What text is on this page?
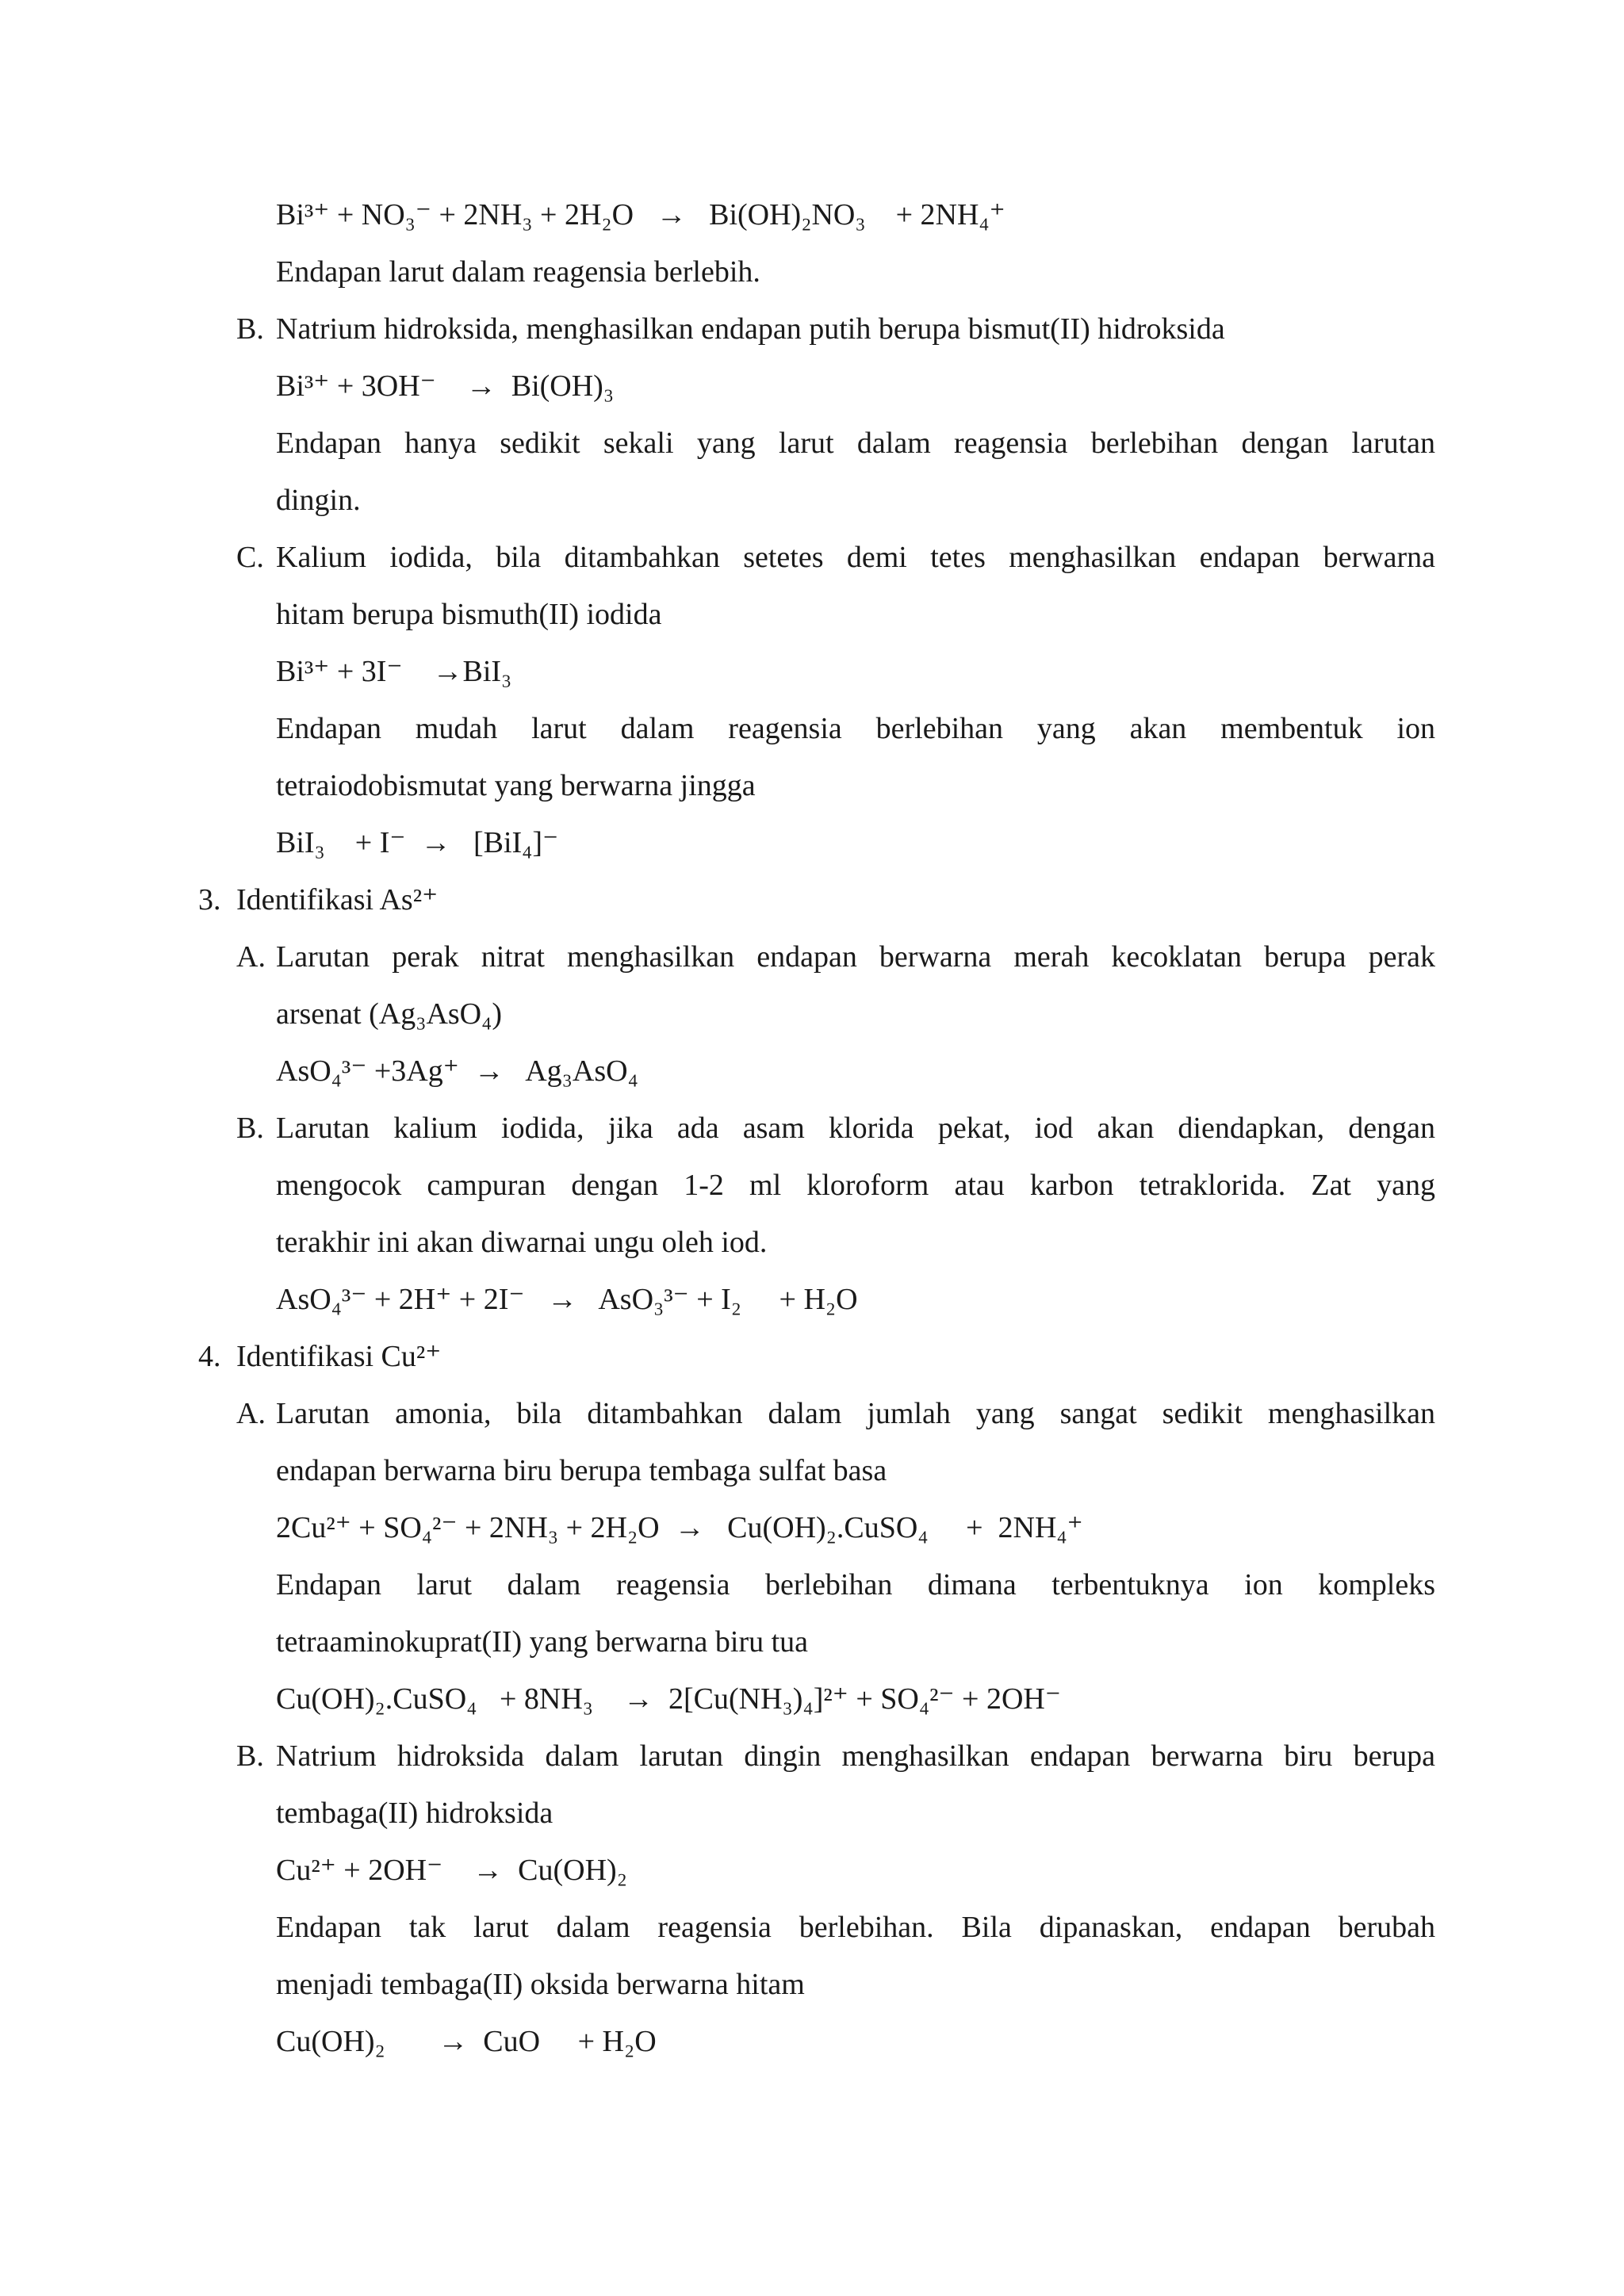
Bi³⁺ + NO₃⁻ + 2NH₃ + 2H₂O   →   Bi(OH)₂NO₃    + 2NH₄⁺
Endapan larut dalam reagensia berlebih.
B. Natrium hidroksida, menghasilkan endapan putih berupa bismut(II) hidroksida
Bi³⁺ + 3OH⁻    →  Bi(OH)₃
Endapan hanya sedikit sekali yang larut dalam reagensia berlebihan dengan larutan
dingin.
C. Kalium iodida, bila ditambahkan setetes demi tetes menghasilkan endapan berwarna
hitam berupa bismuth(II) iodida
Bi³⁺ + 3I⁻    →BiI₃
Endapan mudah larut dalam reagensia berlebihan yang akan membentuk ion
tetraiodobismutat yang berwarna jingga
BiI₃    + I⁻  →   [BiI₄]⁻
3. Identifikasi As²⁺
A. Larutan perak nitrat menghasilkan endapan berwarna merah kecoklatan berupa perak
arsenat (Ag₃AsO₄)
AsO₄³⁻ +3Ag⁺  →   Ag₃AsO₄
B. Larutan kalium iodida, jika ada asam klorida pekat, iod akan diendapkan, dengan
mengocok campuran dengan 1-2 ml kloroform atau karbon tetraklorida. Zat yang
terakhir ini akan diwarnai ungu oleh iod.
AsO₄³⁻ + 2H⁺ + 2I⁻   →   AsO₃³⁻ + I₂     + H₂O
4. Identifikasi Cu²⁺
A. Larutan amonia, bila ditambahkan dalam jumlah yang sangat sedikit menghasilkan
endapan berwarna biru berupa tembaga sulfat basa
2Cu²⁺ + SO₄²⁻ + 2NH₃ + 2H₂O  →   Cu(OH)₂.CuSO₄     +  2NH₄⁺
Endapan larut dalam reagensia berlebihan dimana terbentuknya ion kompleks
tetraaminokuprat(II) yang berwarna biru tua
Cu(OH)₂.CuSO₄   + 8NH₃    →  2[Cu(NH₃)₄]²⁺ + SO₄²⁻ + 2OH⁻
B. Natrium hidroksida dalam larutan dingin menghasilkan endapan berwarna biru berupa
tembaga(II) hidroksida
Cu²⁺ + 2OH⁻    →  Cu(OH)₂
Endapan tak larut dalam reagensia berlebihan. Bila dipanaskan, endapan berubah
menjadi tembaga(II) oksida berwarna hitam
Cu(OH)₂       →  CuO     + H₂O
